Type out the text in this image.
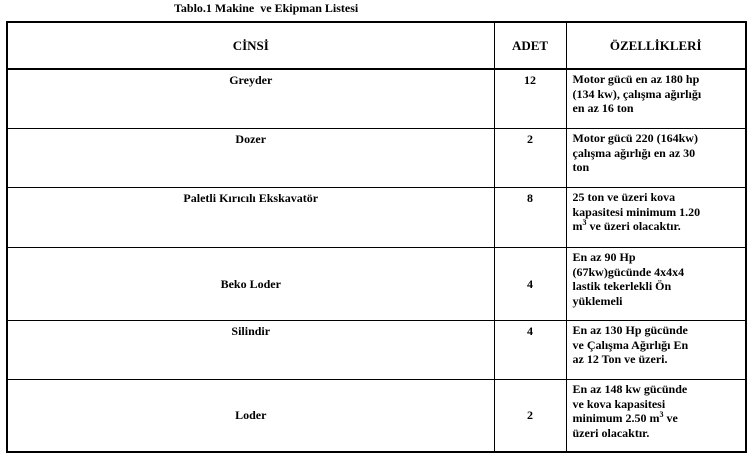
Tablo.1 Makine  ve Ekipman Listesi
CİNSİ	ADET	ÖZELLİKLERİ
Greyder	12	Motor gücü en az 180 hp
(134 kw), çalışma ağırlığı
en az 16 ton
Dozer	2	Motor gücü 220 (164kw)
çalışma ağırlığı en az 30
ton
Paletli Kırıcılı Ekskavatör	8	25 ton ve üzeri kova
kapasitesi minimum 1.20
$m^3$ ve üzeri olacaktır.
Beko Loder	4	En az 90 Hp
(67kw)gücünde 4x4x4
lastik tekerlekli Ön
yüklemeli
Silindir	4	En az 130 Hp gücünde
ve Çalışma Ağırlığı En
az 12 Ton ve üzeri.
Loder	2	En az 148 kw gücünde
ve kova kapasitesi
minimum 2.50 $m^3$ ve
üzeri olacaktır.
